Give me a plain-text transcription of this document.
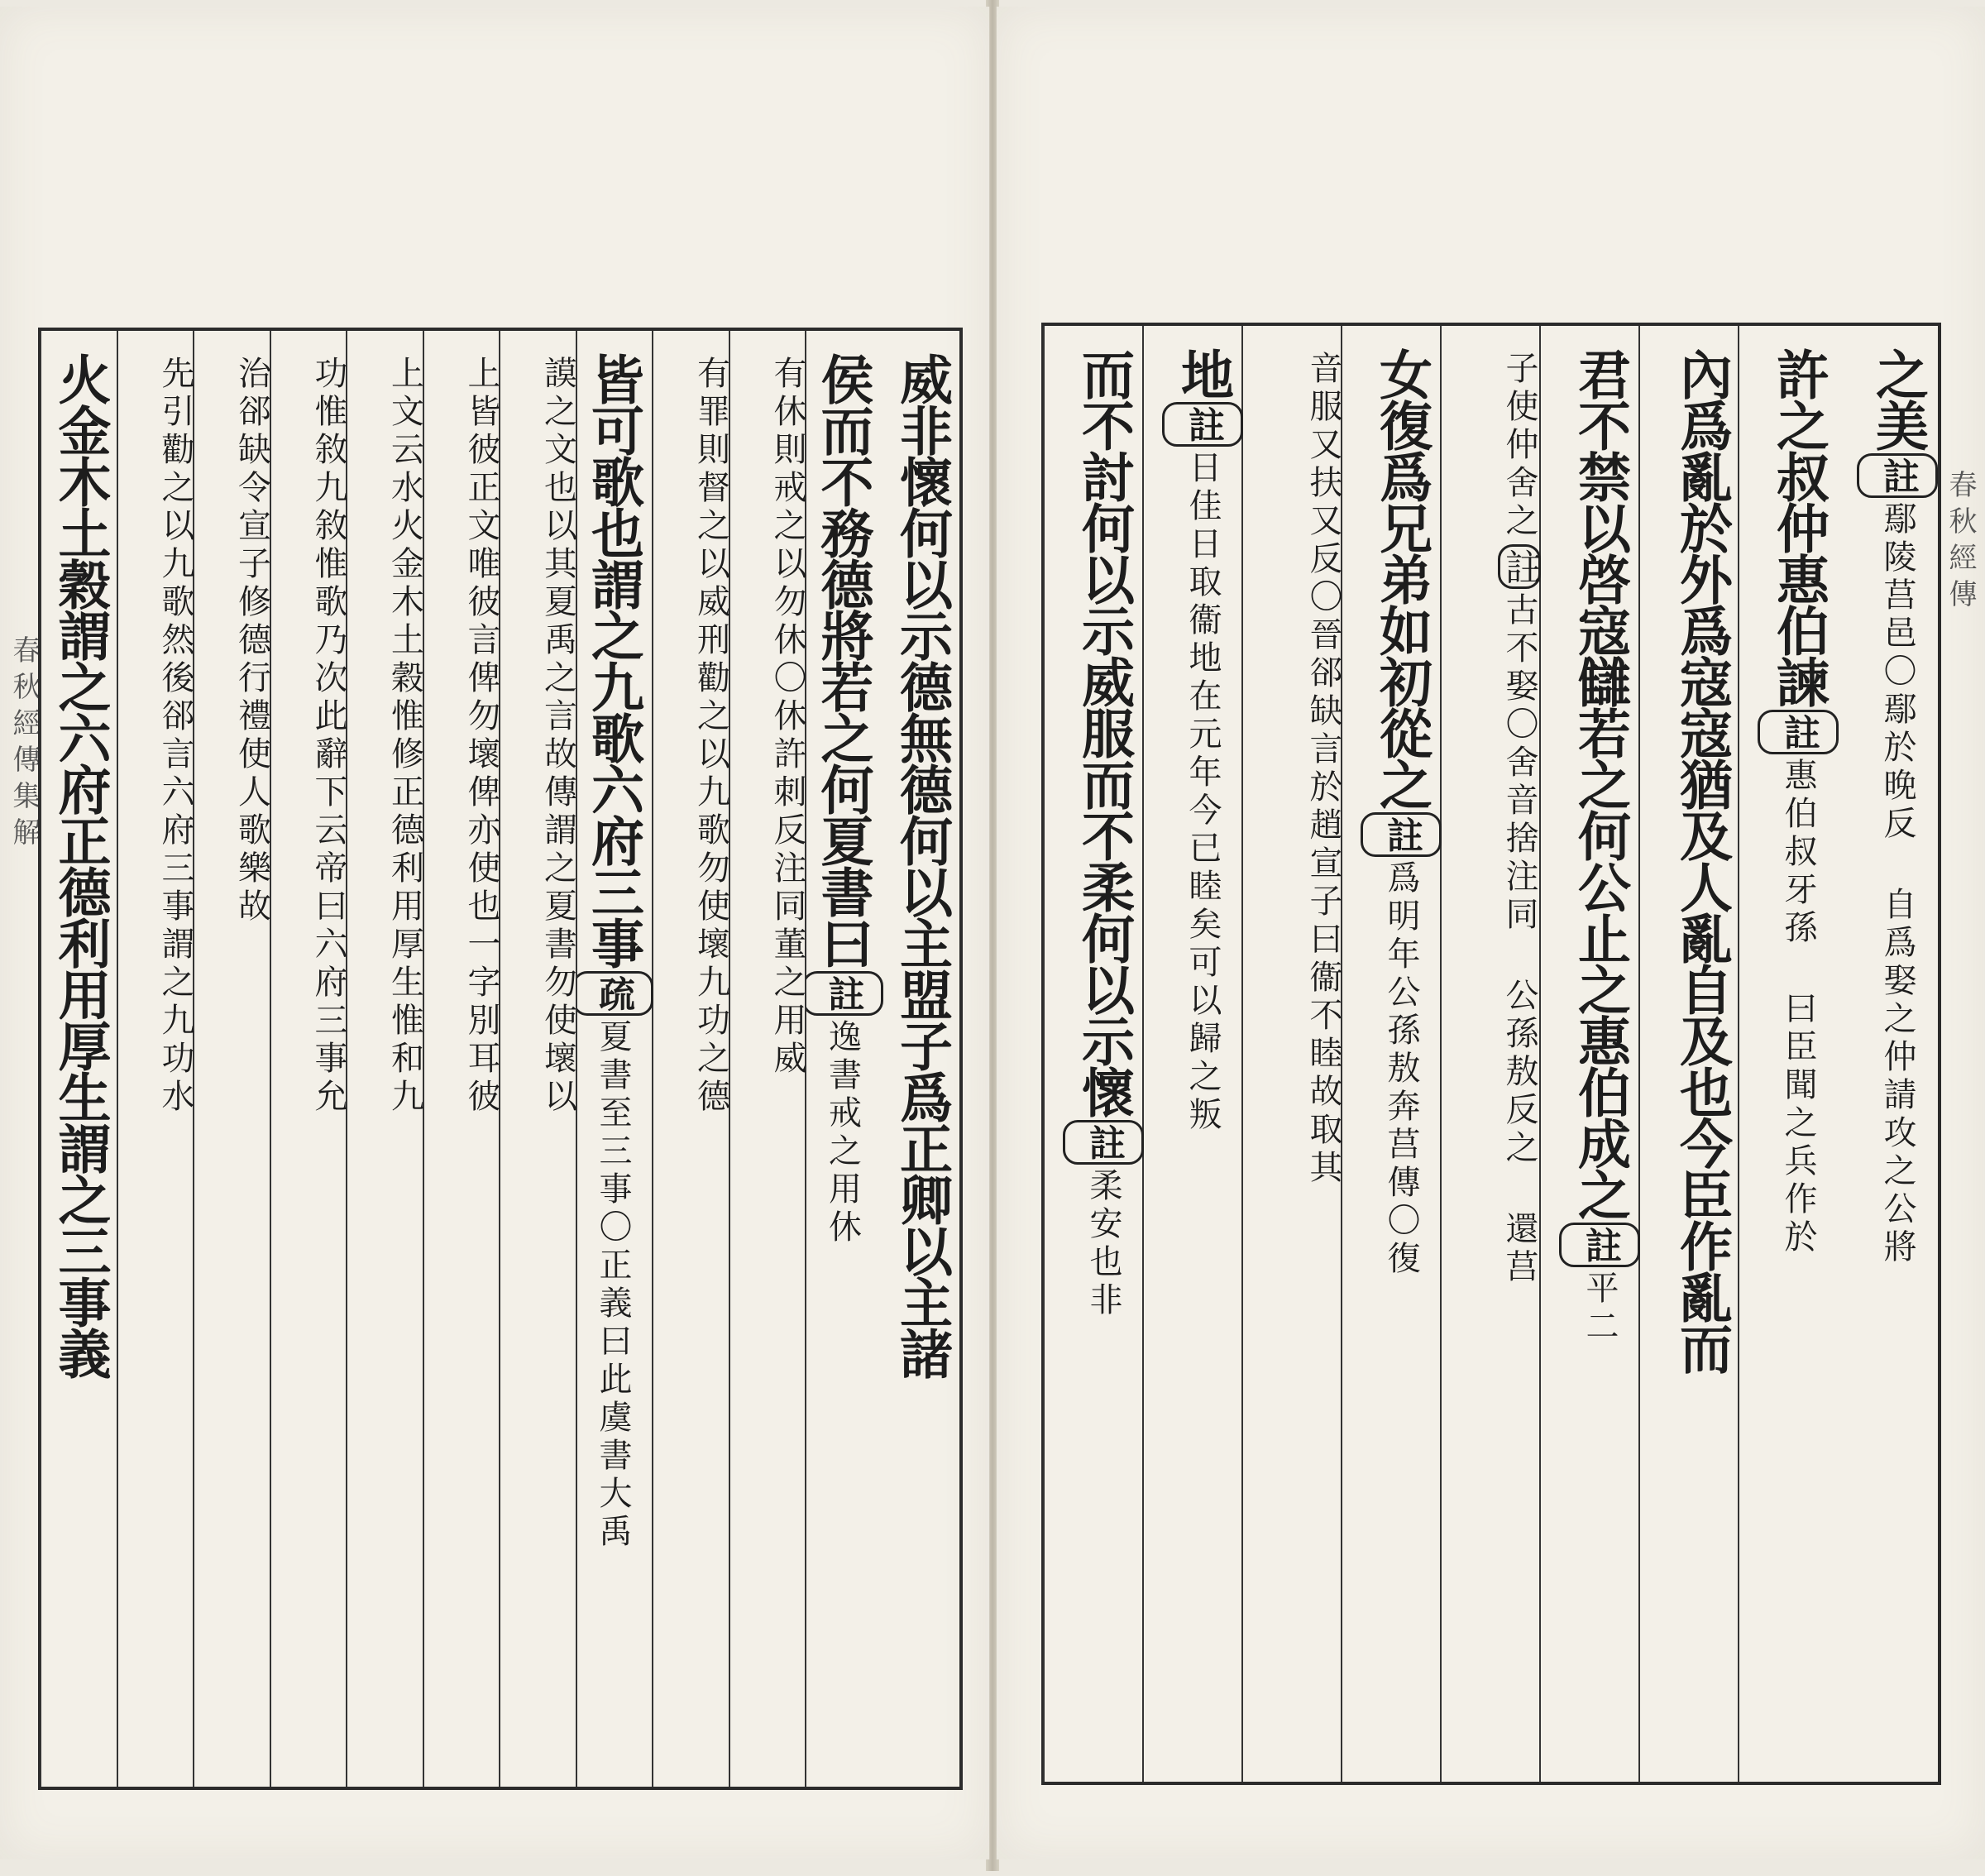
春秋經傳集解	威非懷何以示德無德何以主盟子爲正卿以主諸
侯而不務德將若之何夏書曰註逸書戒之用休
有休則戒之以勿休〇休許刺反注同董之用威
有罪則督之以威刑勸之以九歌勿使壞九功之德
皆可歌也謂之九歌六府三事疏夏書至三事〇正義曰此虞書大禹
謨之文也以其夏禹之言故傳謂之夏書勿使壞以
上皆彼正文唯彼言俾勿壞俾亦使也一字別耳彼
上文云水火金木土穀惟修正德利用厚生惟和九
功惟敘九敘惟歌乃次此辭下云帝曰六府三事允
治郤缺令宣子修德行禮使人歌樂故
先引勸之以九歌然後郤言六府三事謂之九功水
火金木土穀謂之六府正德利用厚生謂之三事義	春秋經傳
之美註鄢陵莒邑〇鄢於晚反 自爲娶之仲請攻之公將
許之叔仲惠伯諫註惠伯叔牙孫 曰臣聞之兵作於
內爲亂於外爲寇寇猶及人亂自及也今臣作亂而
君不禁以啓寇讎若之何公止之惠伯成之註平二
子使仲舍之註古不娶〇舍音捨注同 公孫敖反之 還莒
女復爲兄弟如初從之註爲明年公孫敖奔莒傳〇復
音服又扶又反〇晉郤缺言於趙宣子曰衞不睦故取其
地註日佳日取衞地在元年今已睦矣可以歸之叛
而不討何以示威服而不柔何以示懷註柔安也非
